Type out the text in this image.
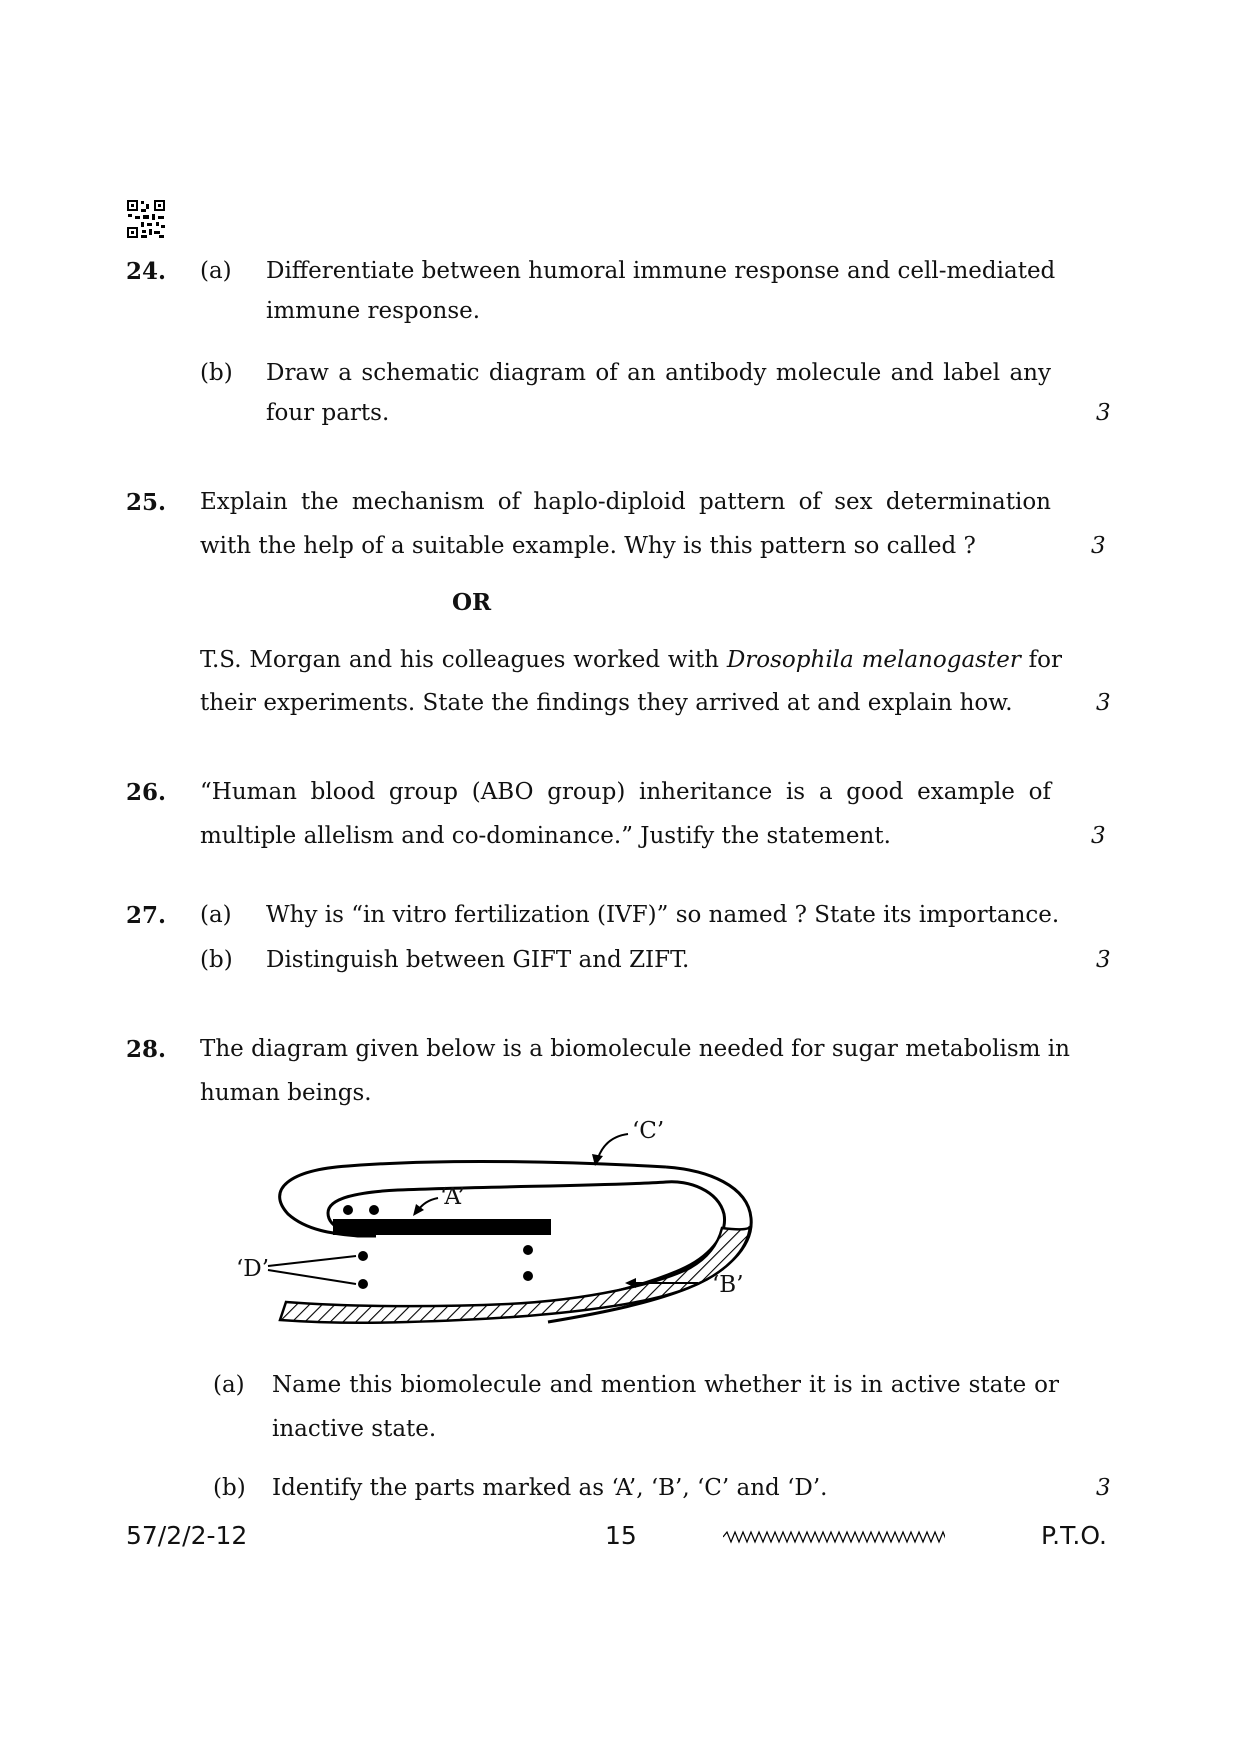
24. (a) Differentiate between humoral immune response and cell-mediated
immune response.
(b) Draw a schematic diagram of an antibody molecule and label any
four parts.	3
25. Explain the mechanism of haplo-diploid pattern of sex determination
with the help of a suitable example. Why is this pattern so called ?	3
OR
T.S. Morgan and his colleagues worked with Drosophila melanogaster for
their experiments. State the findings they arrived at and explain how.	3
26. “Human blood group (ABO group) inheritance is a good example of
multiple allelism and co-dominance.” Justify the statement.	3
27. (a) Why is “in vitro fertilization (IVF)” so named ? State its importance.
(b) Distinguish between GIFT and ZIFT.	3
28. The diagram given below is a biomolecule needed for sugar metabolism in
human beings.
‘C’
‘A’
‘D’
‘B’
(a) Name this biomolecule and mention whether it is in active state or
inactive state.
(b) Identify the parts marked as ‘A’, ‘B’, ‘C’ and ‘D’.	3
57/2/2-12	15	P.T.O.
